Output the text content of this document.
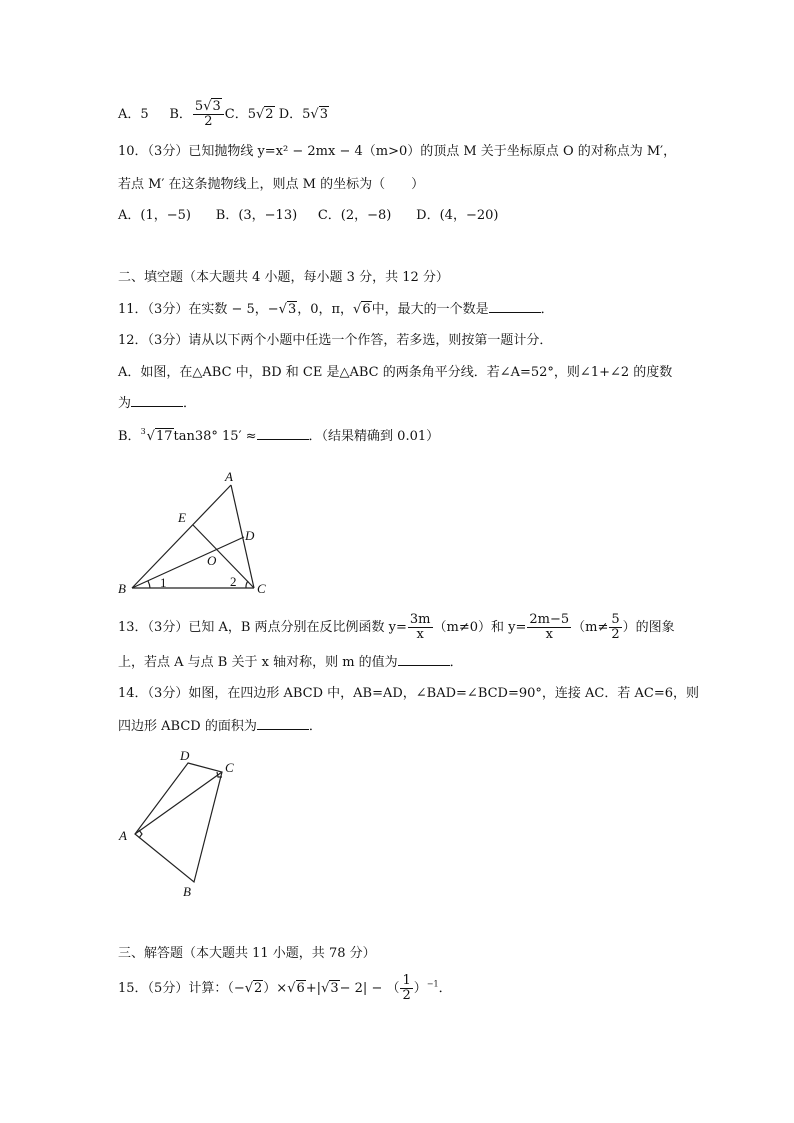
A．5 B． $\frac{5√3}{2}$ C．5√2 D．5√3
10．（3分）已知抛物线 y=x² − 2mx − 4（m>0）的顶点 M 关于坐标原点 O 的对称点为 M′，
若点 M′ 在这条抛物线上，则点 M 的坐标为（　　）
A．(1，−5) B．(3，−13) C．(2，−8) D．(4，−20)
二、填空题（本大题共 4 小题，每小题 3 分，共 12 分）
11．（3分）在实数 − 5，−√3，0，π，√6中，最大的一个数是	．
12．（3分）请从以下两个小题中任选一个作答，若多选，则按第一题计分．
A．如图，在△ABC 中，BD 和 CE 是△ABC 的两条角平分线．若∠A=52°，则∠1+∠2 的度数
为	．
B．$^3$√17tan38° 15′ ≈	．（结果精确到 0.01）
A
E
D
O
B	C
1	2
13．（3分）已知 A，B 两点分别在反比例函数 $y= \frac{3m}{x} (m\ne 0)$和 $y= \frac{2m-5}{x} (m\ne \frac{5}{2}$ ）的图象
上，若点 A 与点 B 关于 x 轴对称，则 m 的值为	．
14．（3分）如图，在四边形 ABCD 中，AB=AD，∠BAD=∠BCD=90°，连接 AC．若 AC=6，则
四边形 ABCD 的面积为	．
D
C
A
B
三、解答题（本大题共 11 小题，共 78 分）
15．（5分）计算：（−√2）×√6+|√3− 2| − （ $\frac{1}{2} )^{-1}$．
